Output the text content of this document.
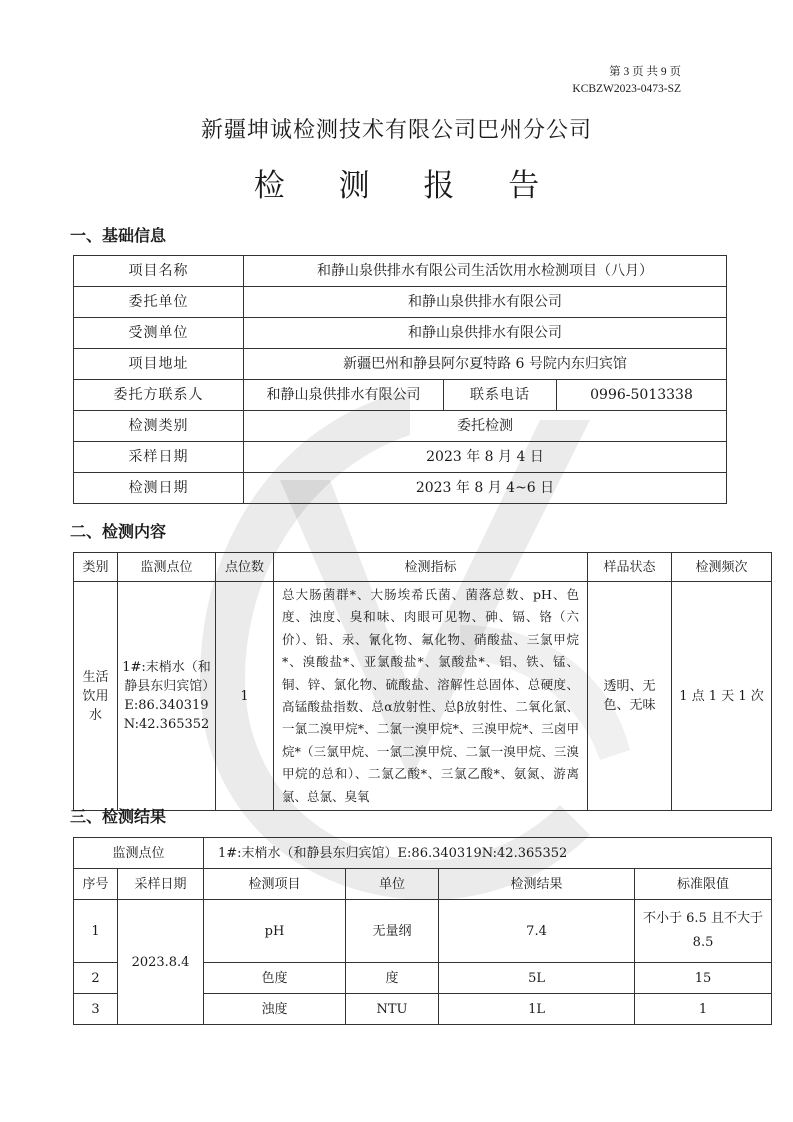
第 3 页 共 9 页
KCBZW2023-0473-SZ
新疆坤诚检测技术有限公司巴州分公司
检 测 报 告
一、基础信息
项目名称	和静山泉供排水有限公司生活饮用水检测项目（八月）		
委托单位	和静山泉供排水有限公司		
受测单位	和静山泉供排水有限公司		
项目地址	新疆巴州和静县阿尔夏特路 6 号院内东归宾馆		
委托方联系人	和静山泉供排水有限公司	联系电话	0996-5013338
检测类别	委托检测		
采样日期	2023 年 8 月 4 日		
检测日期	2023 年 8 月 4~6 日		
二、检测内容
类别	监测点位	点位数	检测指标	样品状态	检测频次
生活饮用水	1#:末梢水（和静县东归宾馆）E:86.340319 N:42.365352	1	总大肠菌群*、大肠埃希氏菌、菌落总数、pH、色度、浊度、臭和味、肉眼可见物、砷、镉、铬（六价）、铅、汞、氰化物、氟化物、硝酸盐、三氯甲烷*、溴酸盐*、亚氯酸盐*、氯酸盐*、铝、铁、锰、铜、锌、氯化物、硫酸盐、溶解性总固体、总硬度、高锰酸盐指数、总α放射性、总β放射性、二氧化氯、一氯二溴甲烷*、二氯一溴甲烷*、三溴甲烷*、三卤甲烷*（三氯甲烷、一氯二溴甲烷、二氯一溴甲烷、三溴甲烷的总和）、二氯乙酸*、三氯乙酸*、氨氮、游离氯、总氯、臭氧	透明、无色、无味	1 点 1 天 1 次
三、检测结果
监测点位		1#:末梢水（和静县东归宾馆）E:86.340319N:42.365352			
序号	采样日期	检测项目	单位	检测结果	标准限值
1	2023.8.4	pH	无量纲	7.4	不小于 6.5 且不大于 8.5
2		色度	度	5L	15
3		浊度	NTU	1L	1
